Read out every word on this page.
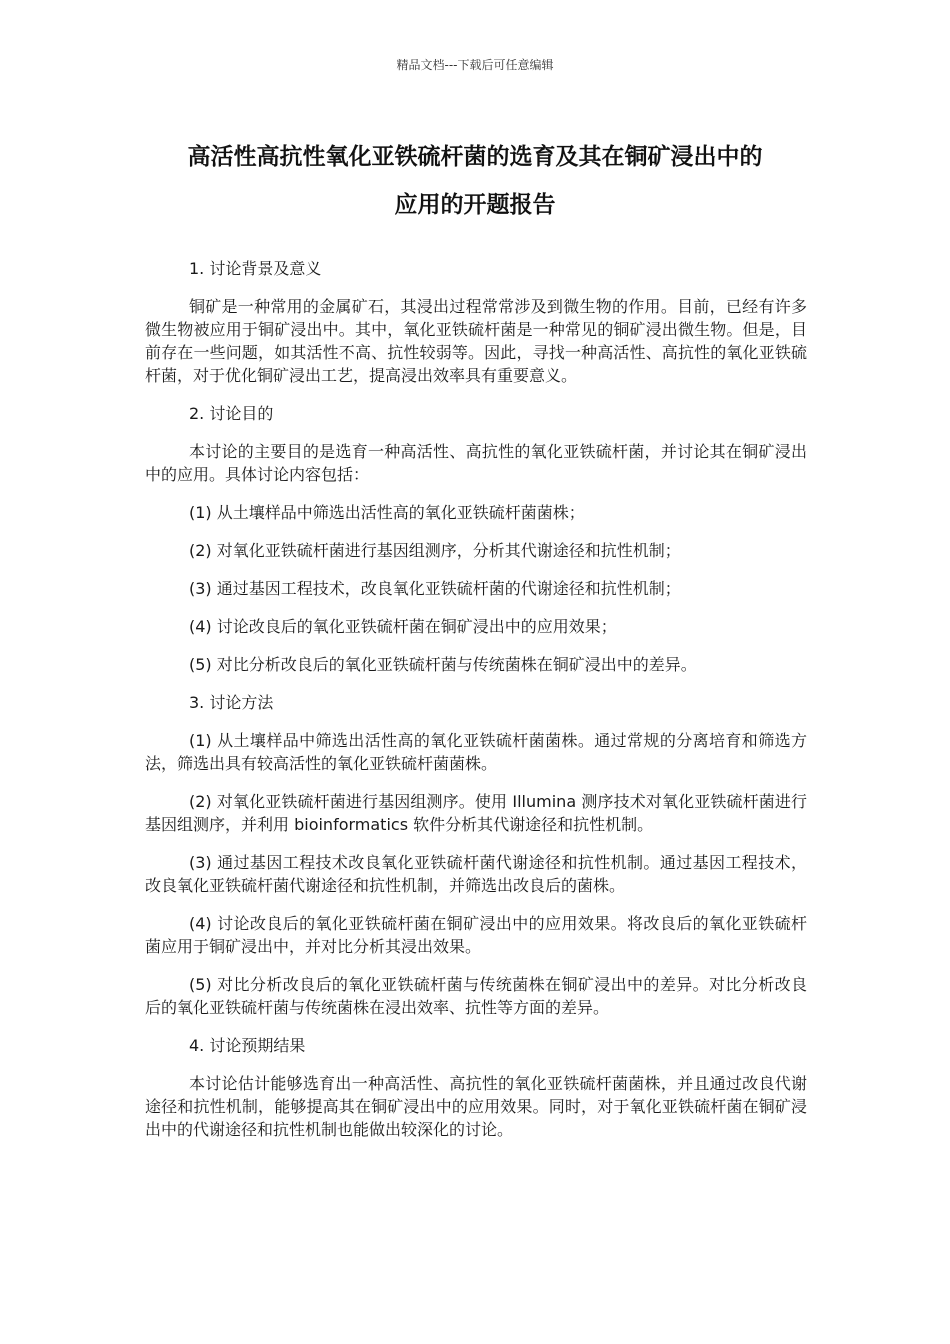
精品文档---下载后可任意编辑
高活性高抗性氧化亚铁硫杆菌的选育及其在铜矿浸出中的
应用的开题报告

1. 讨论背景及意义

铜矿是一种常用的金属矿石，其浸出过程常常涉及到微生物的作用。目前，已经有许多微生物被应用于铜矿浸出中。其中，氧化亚铁硫杆菌是一种常见的铜矿浸出微生物。但是，目前存在一些问题，如其活性不高、抗性较弱等。因此，寻找一种高活性、高抗性的氧化亚铁硫杆菌，对于优化铜矿浸出工艺，提高浸出效率具有重要意义。

2. 讨论目的

本讨论的主要目的是选育一种高活性、高抗性的氧化亚铁硫杆菌，并讨论其在铜矿浸出中的应用。具体讨论内容包括：

(1) 从土壤样品中筛选出活性高的氧化亚铁硫杆菌菌株；

(2) 对氧化亚铁硫杆菌进行基因组测序，分析其代谢途径和抗性机制；

(3) 通过基因工程技术，改良氧化亚铁硫杆菌的代谢途径和抗性机制；

(4) 讨论改良后的氧化亚铁硫杆菌在铜矿浸出中的应用效果；

(5) 对比分析改良后的氧化亚铁硫杆菌与传统菌株在铜矿浸出中的差异。

3. 讨论方法

(1) 从土壤样品中筛选出活性高的氧化亚铁硫杆菌菌株。通过常规的分离培育和筛选方法，筛选出具有较高活性的氧化亚铁硫杆菌菌株。

(2) 对氧化亚铁硫杆菌进行基因组测序。使用 Illumina 测序技术对氧化亚铁硫杆菌进行基因组测序，并利用 bioinformatics 软件分析其代谢途径和抗性机制。

(3) 通过基因工程技术改良氧化亚铁硫杆菌代谢途径和抗性机制。通过基因工程技术，改良氧化亚铁硫杆菌代谢途径和抗性机制，并筛选出改良后的菌株。

(4) 讨论改良后的氧化亚铁硫杆菌在铜矿浸出中的应用效果。将改良后的氧化亚铁硫杆菌应用于铜矿浸出中，并对比分析其浸出效果。

(5) 对比分析改良后的氧化亚铁硫杆菌与传统菌株在铜矿浸出中的差异。对比分析改良后的氧化亚铁硫杆菌与传统菌株在浸出效率、抗性等方面的差异。

4. 讨论预期结果

本讨论估计能够选育出一种高活性、高抗性的氧化亚铁硫杆菌菌株，并且通过改良代谢途径和抗性机制，能够提高其在铜矿浸出中的应用效果。同时，对于氧化亚铁硫杆菌在铜矿浸出中的代谢途径和抗性机制也能做出较深化的讨论。
